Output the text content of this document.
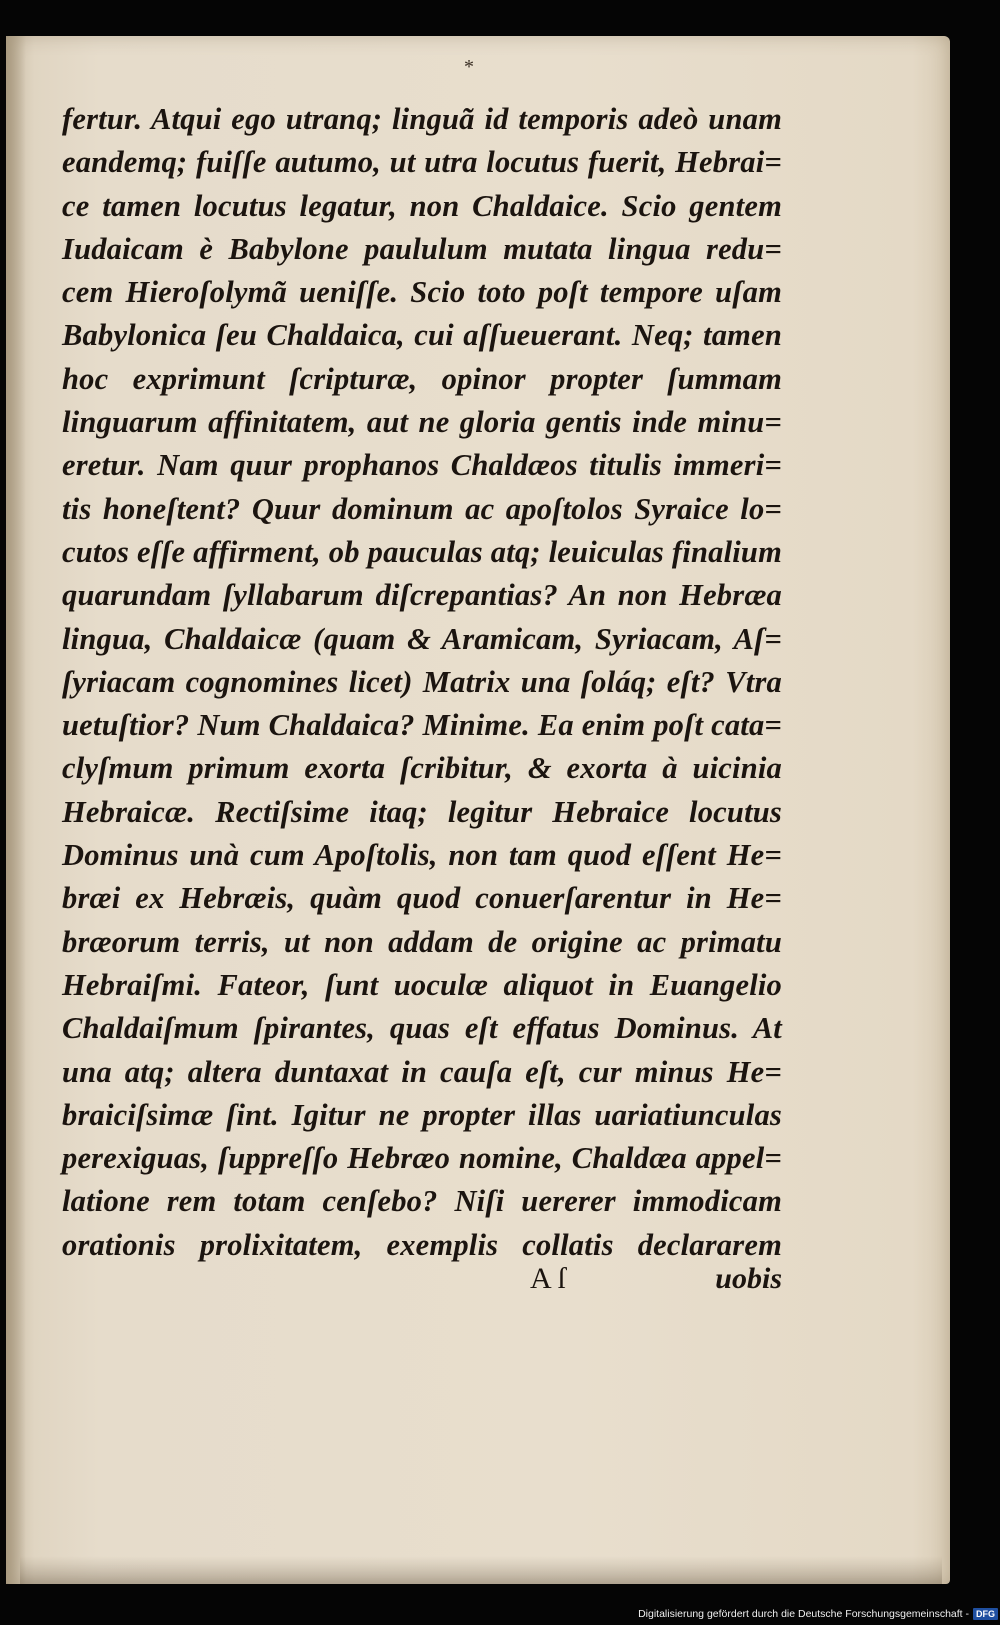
*
fertur. Atqui ego utranq; linguã id temporis adeò unam
eandemq; fuiſſe autumo, ut utra locutus fuerit, Hebrai=
ce tamen locutus legatur, non Chaldaice. Scio gentem
Iudaicam è Babylone paululum mutata lingua redu=
cem Hieroſolymã ueniſſe. Scio toto poſt tempore uſam
Babylonica ſeu Chaldaica, cui aſſueuerant. Neq; tamen
hoc exprimunt ſcripturæ, opinor propter ſummam
linguarum affinitatem, aut ne gloria gentis inde minu=
eretur. Nam quur prophanos Chaldæos titulis immeri=
tis honeſtent? Quur dominum ac apoſtolos Syraice lo=
cutos eſſe affirment, ob pauculas atq; leuiculas finalium
quarundam ſyllabarum diſcrepantias? An non Hebræa
lingua, Chaldaicæ (quam & Aramicam, Syriacam, Aſ=
ſyriacam cognomines licet) Matrix una ſoláq; eſt? Vtra
uetuſtior? Num Chaldaica? Minime. Ea enim poſt cata=
clyſmum primum exorta ſcribitur, & exorta à uicinia
Hebraicæ. Rectiſsime itaq; legitur Hebraice locutus
Dominus unà cum Apoſtolis, non tam quod eſſent He=
bræi ex Hebræis, quàm quod conuerſarentur in He=
bræorum terris, ut non addam de origine ac primatu
Hebraiſmi. Fateor, ſunt uoculæ aliquot in Euangelio
Chaldaiſmum ſpirantes, quas eſt effatus Dominus. At
una atq; altera duntaxat in cauſa eſt, cur minus He=
braiciſsimæ ſint. Igitur ne propter illas uariatiunculas
perexiguas, ſuppreſſo Hebræo nomine, Chaldæa appel=
latione rem totam cenſebo? Niſi uererer immodicam
orationis prolixitatem, exemplis collatis declararem
A ſ	uobis
Digitalisierung gefördert durch die Deutsche Forschungsgemeinschaft - DFG
